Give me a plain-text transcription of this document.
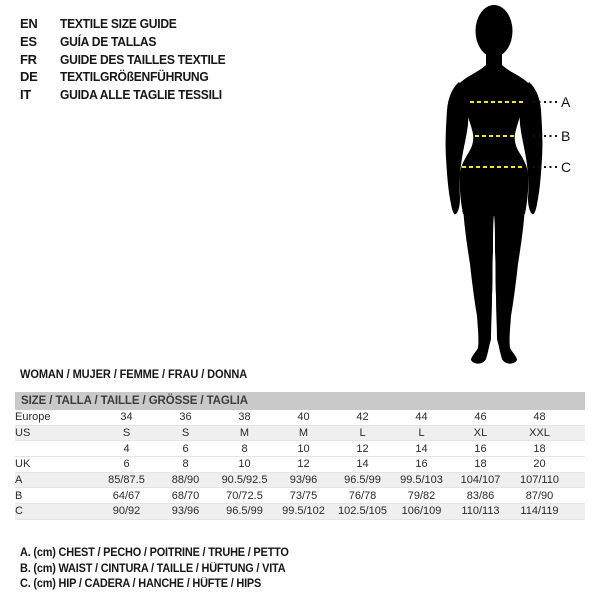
EN	TEXTILE SIZE GUIDE
ES	GUÍA DE TALLAS
FR	GUIDE DES TAILLES TEXTILE
DE	TEXTILGRÖßENFÜHRUNG
IT	GUIDA ALLE TAGLIE TESSILI	A
B
C
WOMAN / MUJER / FEMME / FRAU / DONNA
SIZE / TALLA / TAILLE / GRÖSSE / TAGLIA									
Europe	34	36	38	40	42	44	46	48	
US	S	S	M	M	L	L	XL	XXL	
	4	6	8	10	12	14	16	18	
UK	6	8	10	12	14	16	18	20	
A	85/87.5	88/90	90.5/92.5	93/96	96.5/99	99.5/103	104/107	107/110	
B	64/67	68/70	70/72.5	73/75	76/78	79/82	83/86	87/90	
C	90/92	93/96	96.5/99	99.5/102	102.5/105	106/109	110/113	114/119	
A. (cm) CHEST / PECHO / POITRINE / TRUHE / PETTO
B. (cm) WAIST / CINTURA / TAILLE / HÜFTUNG / VITA
C. (cm) HIP / CADERA / HANCHE / HÜFTE / HIPS
